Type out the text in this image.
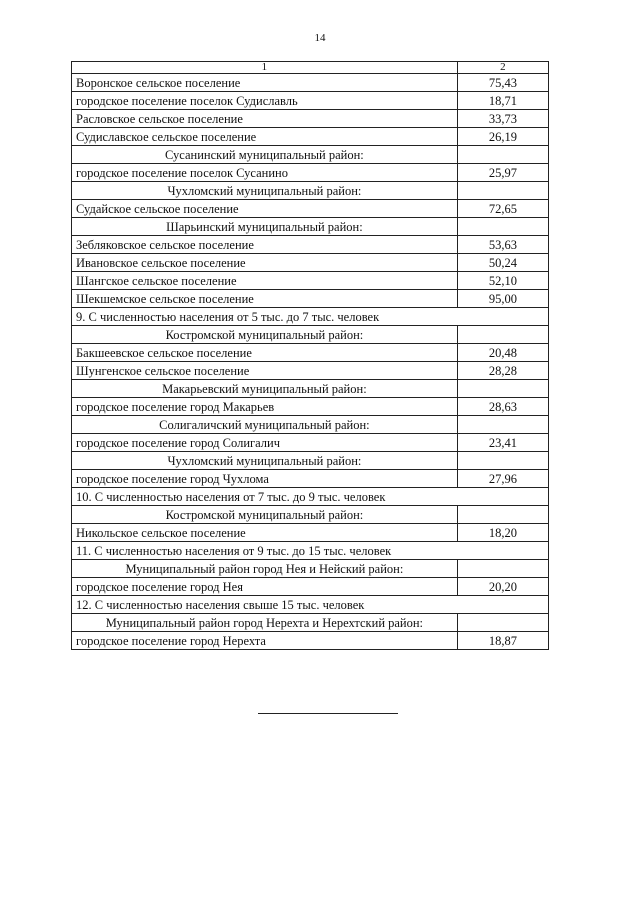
14
1	2
Воронское сельское поселение	75,43
городское поселение поселок Судиславль	18,71
Расловское сельское поселение	33,73
Судиславское сельское поселение	26,19
Сусанинский муниципальный район:	
городское поселение поселок Сусанино	25,97
Чухломский муниципальный район:	
Судайское сельское поселение	72,65
Шарьинский муниципальный район:	
Зебляковское сельское поселение	53,63
Ивановское сельское поселение	50,24
Шангское сельское поселение	52,10
Шекшемское сельское поселение	95,00
9. С численностью населения от 5 тыс. до 7 тыс. человек	
Костромской муниципальный район:	
Бакшеевское сельское поселение	20,48
Шунгенское сельское поселение	28,28
Макарьевский муниципальный район:	
городское поселение город Макарьев	28,63
Солигаличский муниципальный район:	
городское поселение город Солигалич	23,41
Чухломский муниципальный район:	
городское поселение город Чухлома	27,96
10. С численностью населения от 7 тыс. до 9 тыс. человек	
Костромской муниципальный район:	
Никольское сельское поселение	18,20
11. С численностью населения от 9 тыс. до 15 тыс. человек	
Муниципальный район город Нея и Нейский район:	
городское поселение город Нея	20,20
12. С численностью населения свыше 15 тыс. человек	
Муниципальный район город Нерехта и Нерехтский район:	
городское поселение город Нерехта	18,87
